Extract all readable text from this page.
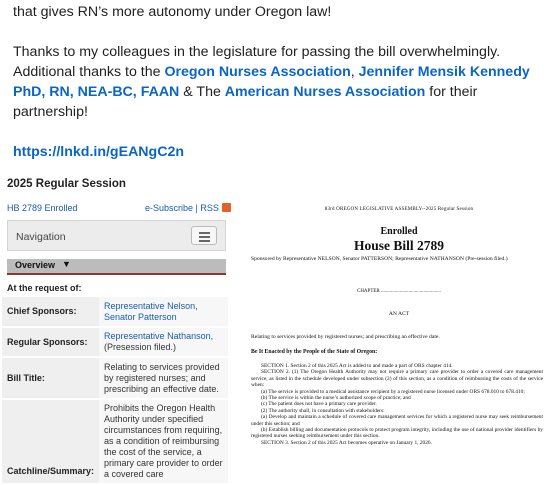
that gives RN’s more autonomy under Oregon law!
Thanks to my colleagues in the legislature for passing the bill overwhelmingly. Additional thanks to the Oregon Nurses Association, Jennifer Mensik Kennedy PhD, RN, NEA-BC, FAAN & The American Nurses Association for their partnership!
https://lnkd.in/gEANgC2n
2025 Regular Session
HB 2789 Enrolled	e-Subscribe | RSS
Navigation
Overview ▼
At the request of:
Chief Sponsors:	Representative Nelson, Senator Patterson
Regular Sponsors:	Representative Nathanson,
(Presession filed.)
Bill Title:	Relating to services provided by registered nurses; and prescribing an effective date.
Catchline/Summary:	Prohibits the Oregon Health Authority under specified circumstances from requiring, as a condition of reimbursing the cost of the service, a primary care provider to order a covered care
83rd OREGON LEGISLATIVE ASSEMBLY--2025 Regular Session
Enrolled
House Bill 2789
Sponsored by Representative NELSON, Senator PATTERSON; Representative NATHANSON (Pre-session filed.)
CHAPTER ................................................
AN ACT
Relating to services provided by registered nurses; and prescribing an effective date.
Be It Enacted by the People of the State of Oregon:

SECTION 1. Section 2 of this 2025 Act is added to and made a part of ORS chapter 414.

SECTION 2. (1) The Oregon Health Authority may not require a primary care provider to order a covered care management service, as listed in the schedule developed under subsection (2) of this section, as a condition of reimbursing the costs of the service when:

(a) The service is provided to a medical assistance recipient by a registered nurse licensed under ORS 678.010 to 678.410;

(b) The service is within the nurse’s authorized scope of practice; and

(c) The patient does not have a primary care provider.

(2) The authority shall, in consultation with stakeholders:

(a) Develop and maintain a schedule of covered care management services for which a registered nurse may seek reimbursement under this section; and

(b) Establish billing and documentation protocols to protect program integrity, including the use of national provider identifiers by registered nurses seeking reimbursement under this section.

SECTION 3. Section 2 of this 2025 Act becomes operative on January 1, 2026.
